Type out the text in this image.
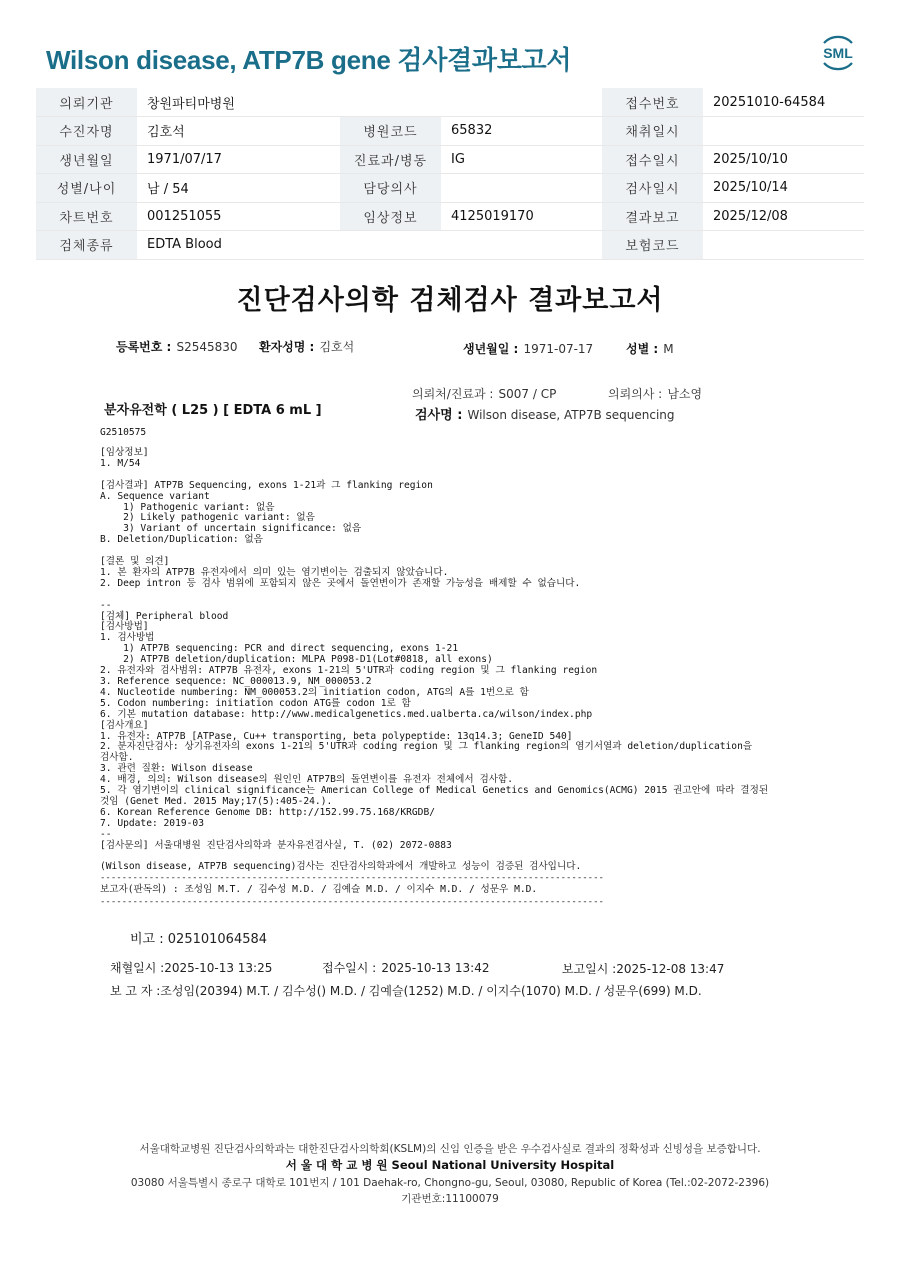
Wilson disease, ATP7B gene 검사결과보고서	SML
의뢰기관	창원파티마병원			접수번호	20251010-64584
수진자명	김호석	병원코드	65832	채취일시	
생년월일	1971/07/17	진료과/병동	IG	접수일시	2025/10/10
성별/나이	남 / 54	담당의사		검사일시	2025/10/14
차트번호	001251055	임상정보	4125019170	결과보고	2025/12/08
검체종류	EDTA Blood			보험코드	
진단검사의학 검체검사 결과보고서
등록번호 : S2545830 환자성명 : 김호석	생년월일 : 1971-07-17	성별 : M
의뢰처/진료과 : S007 / CP	의뢰의사 : 남소영
분자유전학 ( L25 ) [ EDTA 6 mL ]	검사명 : Wilson disease, ATP7B sequencing
G2510575
[임상정보]
1. M/54
[검사결과] ATP7B Sequencing, exons 1-21과 그 flanking region
A. Sequence variant
1) Pathogenic variant: 없음
2) Likely pathogenic variant: 없음
3) Variant of uncertain significance: 없음
B. Deletion/Duplication: 없음
[결론 및 의견]
1. 본 환자의 ATP7B 유전자에서 의미 있는 염기변이는 검출되지 않았습니다.
2. Deep intron 등 검사 범위에 포함되지 않은 곳에서 돌연변이가 존재할 가능성을 배제할 수 없습니다.
--
[검체] Peripheral blood
[검사방법]
1. 검사방법
1) ATP7B sequencing: PCR and direct sequencing, exons 1-21
2) ATP7B deletion/duplication: MLPA P098-D1(Lot#0818, all exons)
2. 유전자와 검사범위: ATP7B 유전자, exons 1-21의 5'UTR과 coding region 및 그 flanking region
3. Reference sequence: NC_000013.9, NM_000053.2
4. Nucleotide numbering: NM_000053.2의 initiation codon, ATG의 A를 1번으로 함
5. Codon numbering: initiation codon ATG를 codon 1로 함
6. 기본 mutation database: http://www.medicalgenetics.med.ualberta.ca/wilson/index.php
[검사개요]
1. 유전자: ATP7B [ATPase, Cu++ transporting, beta polypeptide: 13q14.3; GeneID 540]
2. 분자진단검사: 상기유전자의 exons 1-21의 5'UTR과 coding region 및 그 flanking region의 염기서열과 deletion/duplication을
검사함.
3. 관련 질환: Wilson disease
4. 배경, 의의: Wilson disease의 원인인 ATP7B의 돌연변이를 유전자 전체에서 검사함.
5. 각 염기변이의 clinical significance는 American College of Medical Genetics and Genomics(ACMG) 2015 권고안에 따라 결정된
것임 (Genet Med. 2015 May;17(5):405-24.).
6. Korean Reference Genome DB: http://152.99.75.168/KRGDB/
7. Update: 2019-03
--
[검사문의] 서울대병원 진단검사의학과 분자유전검사실, T. (02) 2072-0883
(Wilson disease, ATP7B sequencing)검사는 진단검사의학과에서 개발하고 성능이 검증된 검사입니다.
---------------------------------------------------------------------------------------------
보고자(판독의) : 조성임 M.T. / 김수성 M.D. / 김예슬 M.D. / 이지수 M.D. / 성문우 M.D.
---------------------------------------------------------------------------------------------
비고 : 025101064584
채혈일시 :2025-10-13 13:25	접수일시 : 2025-10-13 13:42	보고일시 :2025-12-08 13:47
보 고 자 :조성임(20394) M.T. / 김수성() M.D. / 김예슬(1252) M.D. / 이지수(1070) M.D. / 성문우(699) M.D.
서울대학교병원 진단검사의학과는 대한진단검사의학회(KSLM)의 신임 인증을 받은 우수검사실로 결과의 정확성과 신빙성을 보증합니다.
서 울 대 학 교 병 원 Seoul National University Hospital
03080 서울특별시 종로구 대학로 101번지 / 101 Daehak-ro, Chongno-gu, Seoul, 03080, Republic of Korea (Tel.:02-2072-2396)
기관번호:11100079
